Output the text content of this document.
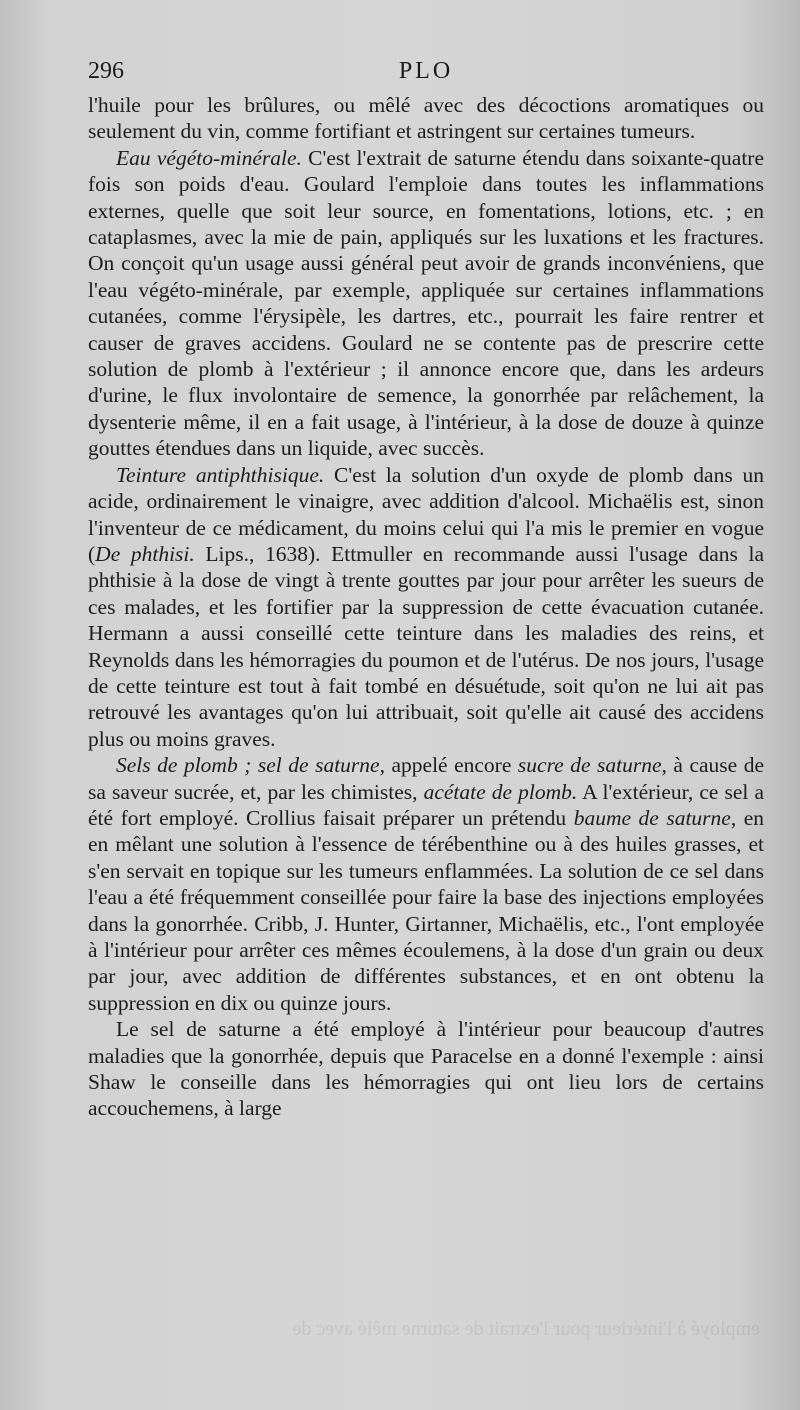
296	PLO

l'huile pour les brûlures, ou mêlé avec des décoctions aromatiques ou seulement du vin, comme fortifiant et astringent sur certaines tumeurs.

Eau végéto-minérale. C'est l'extrait de saturne étendu dans soixante-quatre fois son poids d'eau. Goulard l'emploie dans toutes les inflammations externes, quelle que soit leur source, en fomentations, lotions, etc. ; en cataplasmes, avec la mie de pain, appliqués sur les luxations et les fractures. On conçoit qu'un usage aussi général peut avoir de grands inconvéniens, que l'eau végéto-minérale, par exemple, appliquée sur certaines inflammations cutanées, comme l'érysipèle, les dartres, etc., pourrait les faire rentrer et causer de graves accidens. Goulard ne se contente pas de prescrire cette solution de plomb à l'extérieur ; il annonce encore que, dans les ardeurs d'urine, le flux involontaire de semence, la gonorrhée par relâchement, la dysenterie même, il en a fait usage, à l'intérieur, à la dose de douze à quinze gouttes étendues dans un liquide, avec succès.

Teinture antiphthisique. C'est la solution d'un oxyde de plomb dans un acide, ordinairement le vinaigre, avec addition d'alcool. Michaëlis est, sinon l'inventeur de ce médicament, du moins celui qui l'a mis le premier en vogue (De phthisi. Lips., 1638). Ettmuller en recommande aussi l'usage dans la phthisie à la dose de vingt à trente gouttes par jour pour arrêter les sueurs de ces malades, et les fortifier par la suppression de cette évacuation cutanée. Hermann a aussi conseillé cette teinture dans les maladies des reins, et Reynolds dans les hémorragies du poumon et de l'utérus. De nos jours, l'usage de cette teinture est tout à fait tombé en désuétude, soit qu'on ne lui ait pas retrouvé les avantages qu'on lui attribuait, soit qu'elle ait causé des accidens plus ou moins graves.

Sels de plomb ; sel de saturne, appelé encore sucre de saturne, à cause de sa saveur sucrée, et, par les chimistes, acétate de plomb. A l'extérieur, ce sel a été fort employé. Crollius faisait préparer un prétendu baume de saturne, en en mêlant une solution à l'essence de térébenthine ou à des huiles grasses, et s'en servait en topique sur les tumeurs enflammées. La solution de ce sel dans l'eau a été fréquemment conseillée pour faire la base des injections employées dans la gonorrhée. Cribb, J. Hunter, Girtanner, Michaëlis, etc., l'ont employée à l'intérieur pour arrêter ces mêmes écoulemens, à la dose d'un grain ou deux par jour, avec addition de différentes substances, et en ont obtenu la suppression en dix ou quinze jours.

Le sel de saturne a été employé à l'intérieur pour beaucoup d'autres maladies que la gonorrhée, depuis que Paracelse en a donné l'exemple : ainsi Shaw le conseille dans les hémorragies qui ont lieu lors de certains accouchemens, à large

employé à l'intérieur pour l'extrait de saturne mêlé avec de
